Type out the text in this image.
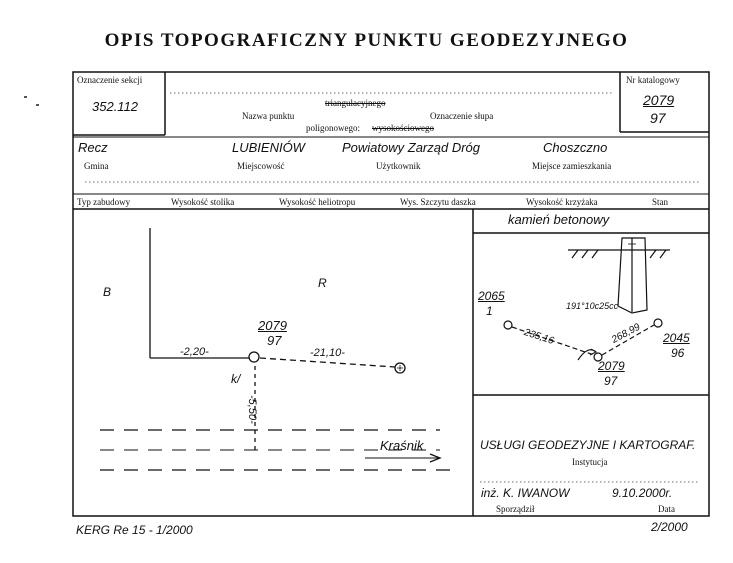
OPIS TOPOGRAFICZNY PUNKTU GEODEZYJNEGO
Oznaczenie sekcji
352.112
Nr katalogowy
2079
97
Nazwa punktu
triangulacyjnego
Oznaczenie słupa
poligonowego: wysokościowego
Recz	LUBIENIÓW	Powiatowy Zarząd Dróg	Choszczno
Gmina	Miejscowość	Użytkownik	Miejsce zamieszkania
Typ zabudowy	Wysokość stolika	Wysokość heliotropu	Wys. Szczytu daszka	Wysokość krzyżaka	Stan
B
R
2079
97
-2,20-	-21,10-
k/
-5,50-
Kraśnik
kamień betonowy
2065
1	191°10c25cc
235,16	268,99 2045
96
2079
97
USŁUGI GEODEZYJNE I KARTOGRAF.
Instytucja
inż. K. IWANOW	9.10.2000r.
Sporządził	Data
KERG Re 15 - 1/2000	2/2000
